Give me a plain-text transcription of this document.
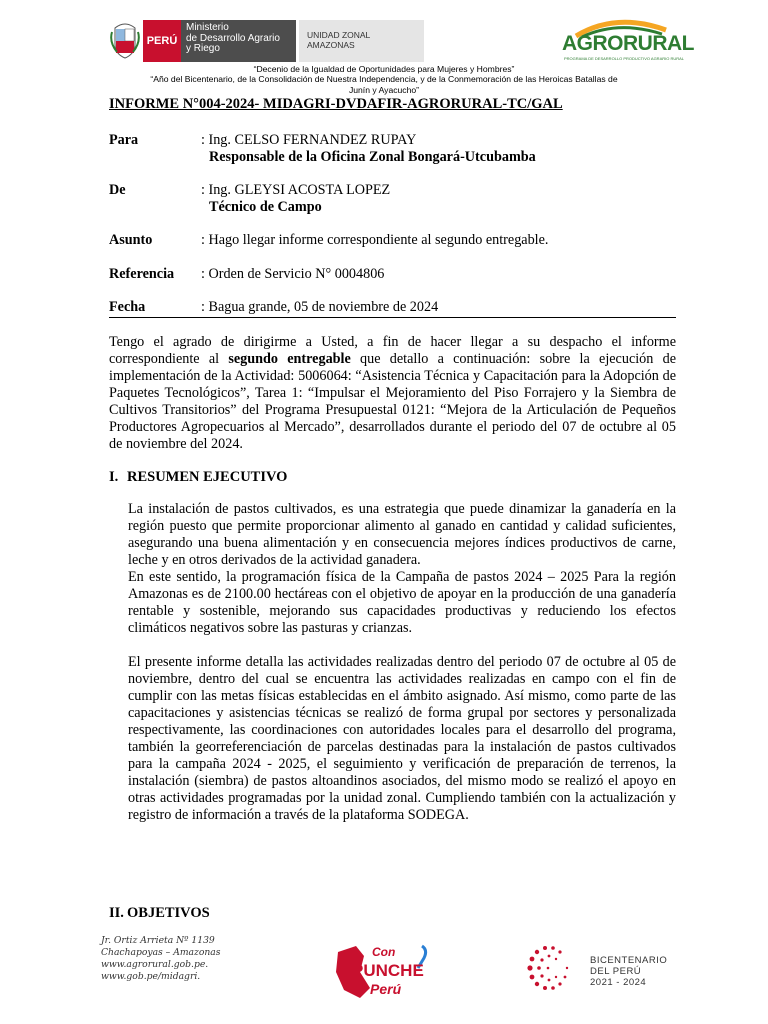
PERÚ
Ministerio
de Desarrollo Agrario
y Riego
UNIDAD ZONAL
AMAZONAS	AGRORURAL
PROGRAMA DE DESARROLLO PRODUCTIVO AGRARIO RURAL
“Decenio de la Igualdad de Oportunidades para Mujeres y Hombres”
“Año del Bicentenario, de la Consolidación de Nuestra Independencia, y de la Conmemoración de las Heroicas Batallas de
Junín y Ayacucho”
INFORME N°004-2024- MIDAGRI-DVDAFIR-AGRORURAL-TC/GAL
Para	: Ing. CELSO FERNANDEZ RUPAY
Responsable de la Oficina Zonal Bongará-Utcubamba
De	: Ing. GLEYSI ACOSTA LOPEZ
Técnico de Campo
Asunto	: Hago llegar informe correspondiente al segundo entregable.
Referencia : Orden de Servicio N° 0004806
Fecha	: Bagua grande, 05 de noviembre de 2024
Tengo el agrado de dirigirme a Usted, a fin de hacer llegar a su despacho el informe correspondiente al segundo entregable que detallo a continuación: sobre la ejecución de implementación de la Actividad: 5006064: “Asistencia Técnica y Capacitación para la Adopción de Paquetes Tecnológicos”, Tarea 1: “Impulsar el Mejoramiento del Piso Forrajero y la Siembra de Cultivos Transitorios” del Programa Presupuestal 0121: “Mejora de la Articulación de Pequeños Productores Agropecuarios al Mercado”, desarrollados durante el periodo del 07 de octubre al 05 de noviembre del 2024.
I. RESUMEN EJECUTIVO
La instalación de pastos cultivados, es una estrategia que puede dinamizar la ganadería en la región puesto que permite proporcionar alimento al ganado en cantidad y calidad suficientes, asegurando una buena alimentación y en consecuencia mejores índices productivos de carne, leche y en otros derivados de la actividad ganadera.
En este sentido, la programación física de la Campaña de pastos 2024 – 2025 Para la región Amazonas es de 2100.00 hectáreas con el objetivo de apoyar en la producción de una ganadería rentable y sostenible, mejorando sus capacidades productivas y reduciendo los efectos climáticos negativos sobre las pasturas y crianzas.
El presente informe detalla las actividades realizadas dentro del periodo 07 de octubre al 05 de noviembre, dentro del cual se encuentra las actividades realizadas en campo con el fin de cumplir con las metas físicas establecidas en el ámbito asignado. Así mismo, como parte de las capacitaciones y asistencias técnicas se realizó de forma grupal por sectores y personalizada respectivamente, las coordinaciones con autoridades locales para el desarrollo del programa, también la georreferenciación de parcelas destinadas para la instalación de pastos cultivados para la campaña 2024 - 2025, el seguimiento y verificación de preparación de terrenos, la instalación (siembra) de pastos altoandinos asociados, del mismo modo se realizó el apoyo en otras actividades programadas por la unidad zonal. Cumpliendo también con la actualización y registro de información a través de la plataforma SODEGA.
II. OBJETIVOS
Jr. Ortiz Arrieta Nº 1139
Chachapoyas – Amazonas
www.agrorural.gob.pe.
www.gob.pe/midagri.
Con
PUNCHE
Perú
BICENTENARIO
DEL PERÚ
2021 - 2024
